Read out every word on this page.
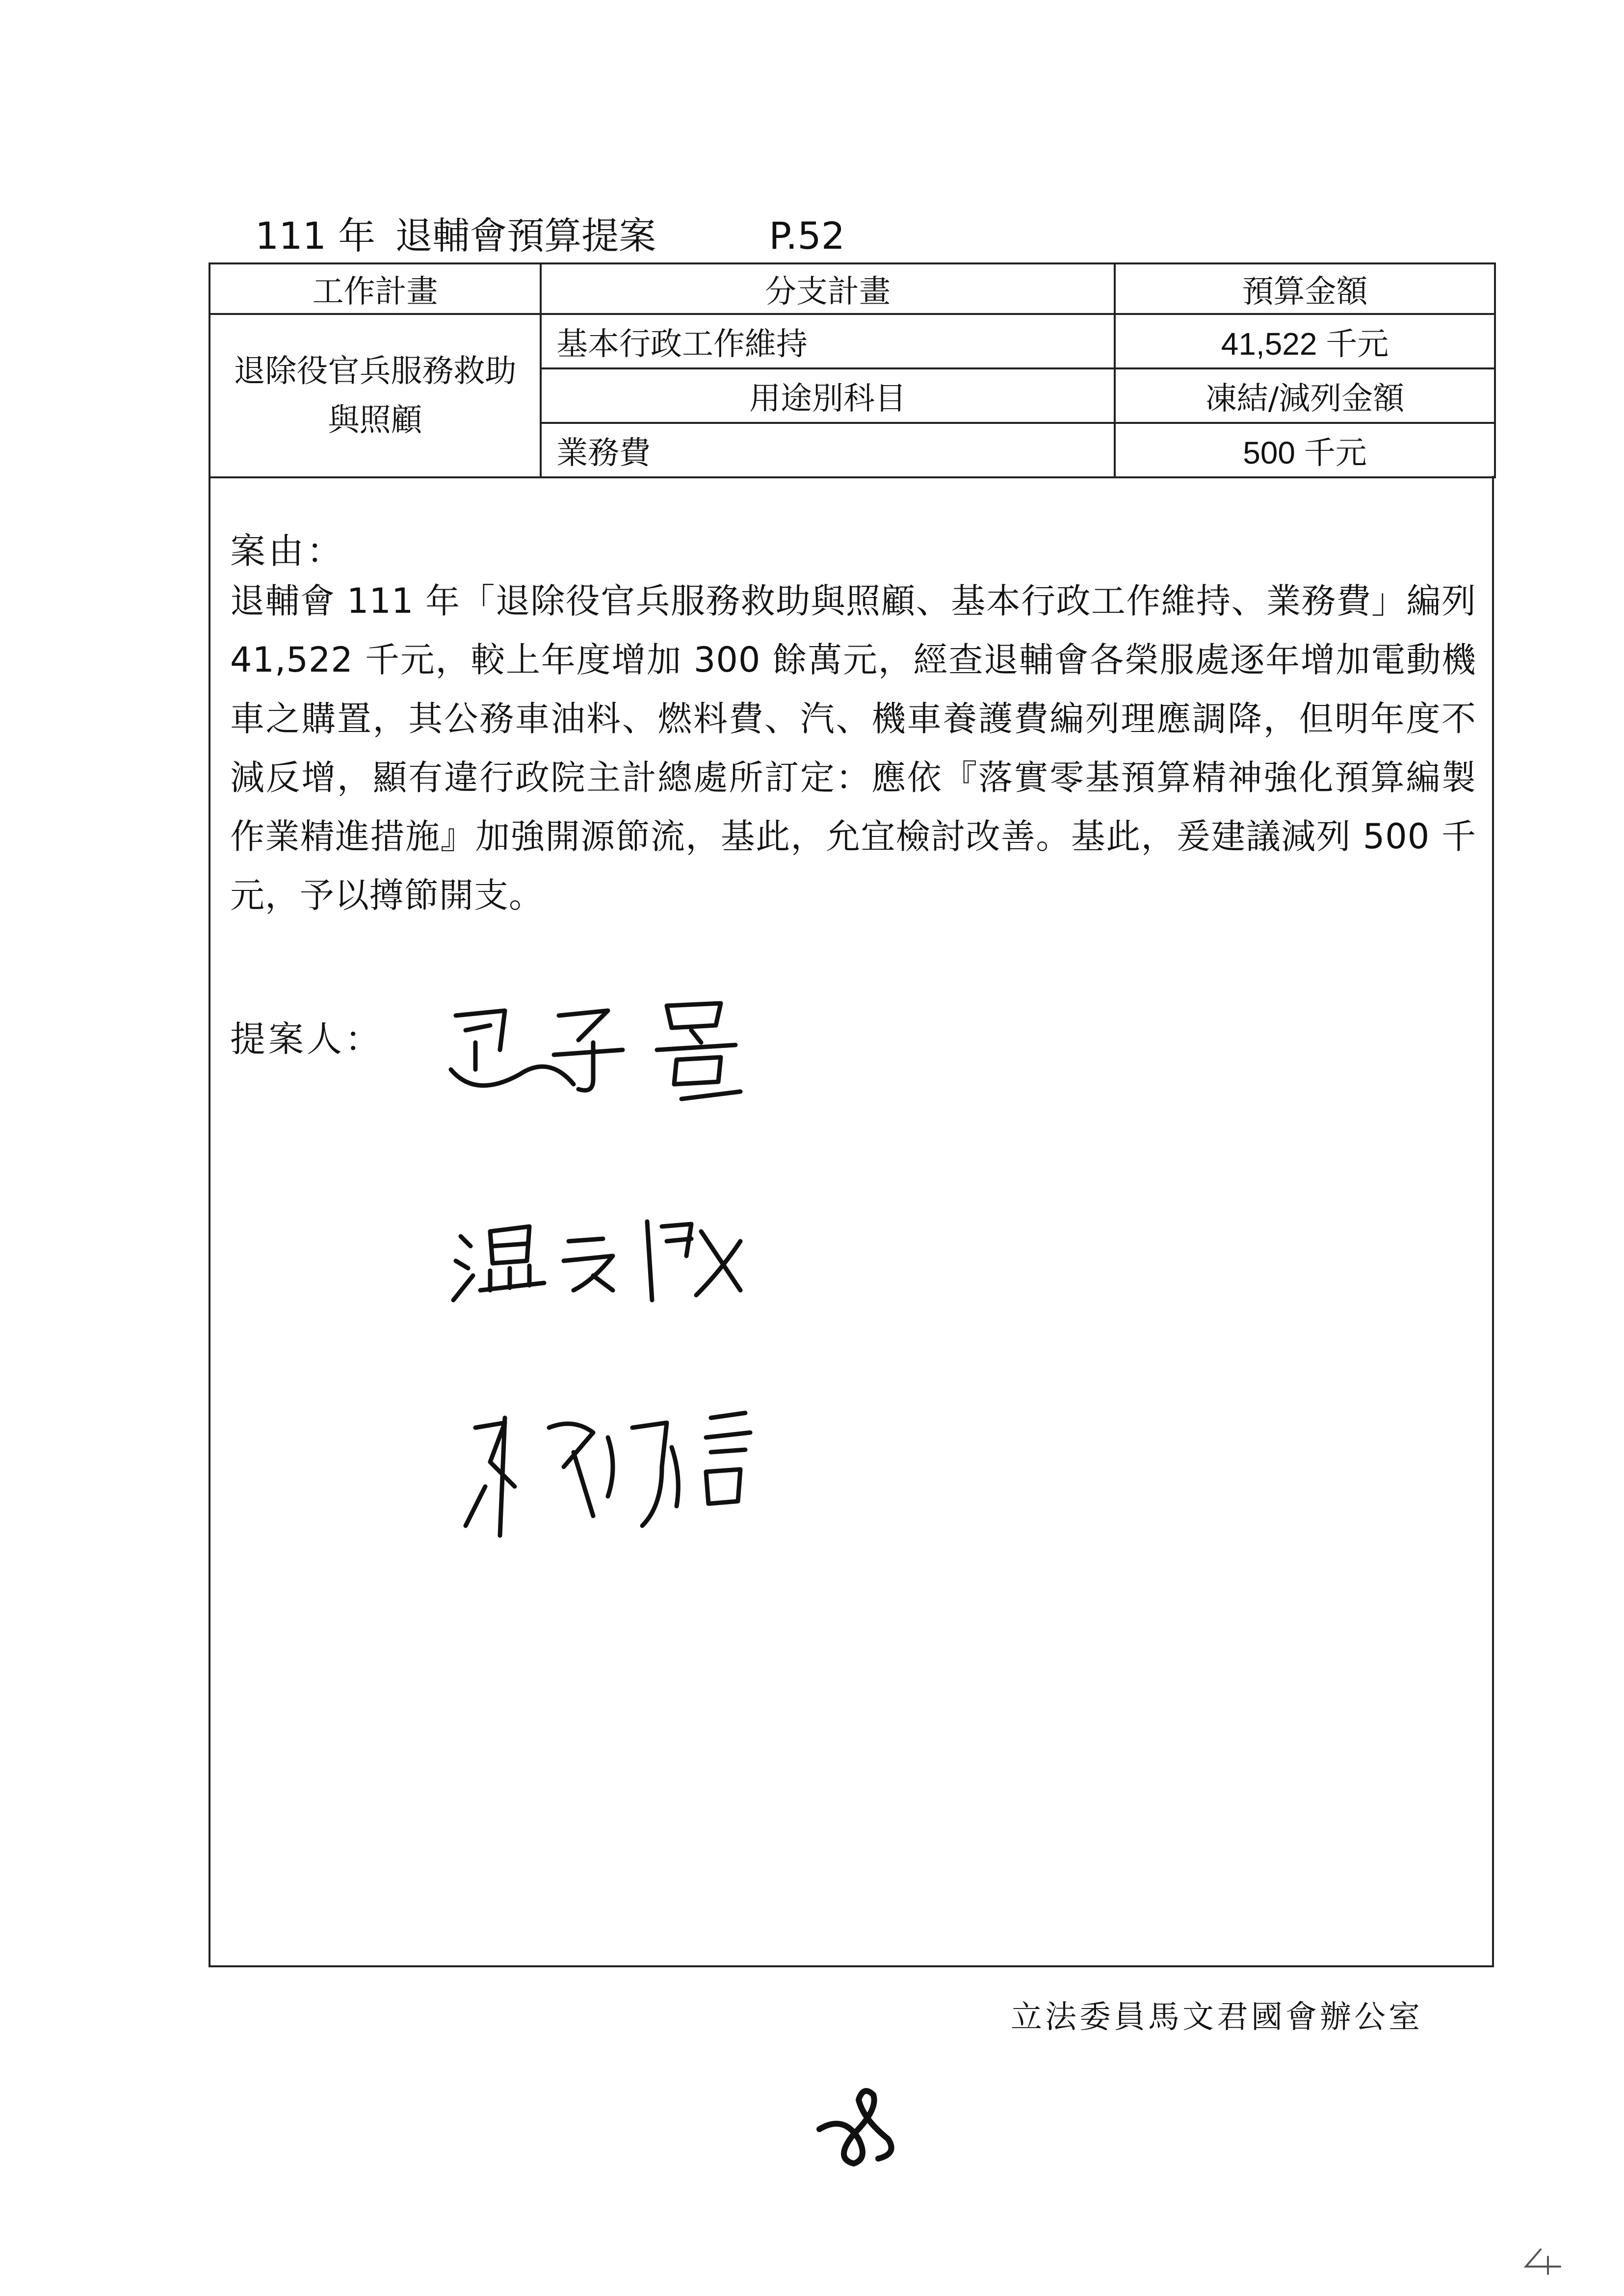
111 年 退輔會預算提案	P.52
工作計畫	分支計畫	預算金額
退除役官兵服務救助與照顧	基本行政工作維持	41,522 千元
	用途別科目	凍結/減列金額
	業務費	500 千元
案由：
退輔會 111 年「退除役官兵服務救助與照顧、基本行政工作維持、業務費」編列 41,522 千元，較上年度增加 300 餘萬元，經查退輔會各榮服處逐年增加電動機車之購置，其公務車油料、燃料費、汽、機車養護費編列理應調降，但明年度不減反增，顯有違行政院主計總處所訂定：應依『落實零基預算精神強化預算編製作業精進措施』加強開源節流，基此，允宜檢討改善。基此，爰建議減列 500 千元，予以撙節開支。
提案人：
立法委員馬文君國會辦公室
